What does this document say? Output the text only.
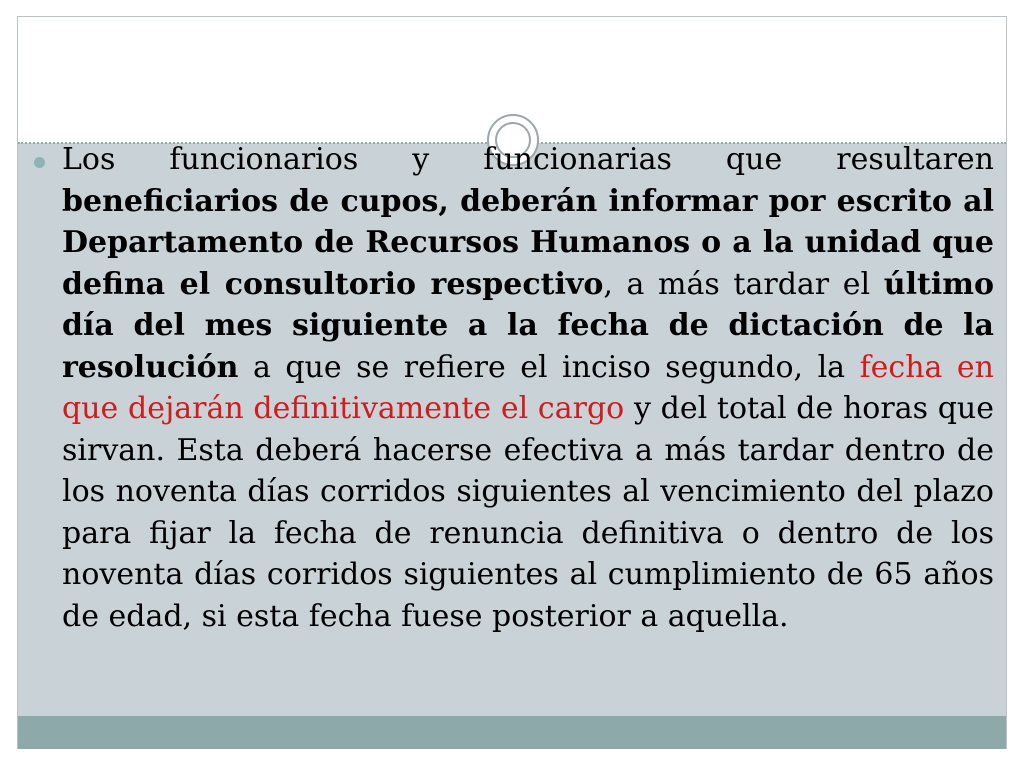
Los funcionarios y funcionarias que resultaren beneficiarios de cupos, deberán informar por escrito al Departamento de Recursos Humanos o a la unidad que defina el consultorio respectivo, a más tardar el último día del mes siguiente a la fecha de dictación de la resolución a que se refiere el inciso segundo, la fecha en que dejarán definitivamente el cargo y del total de horas que sirvan. Esta deberá hacerse efectiva a más tardar dentro de los noventa días corridos siguientes al vencimiento del plazo para fijar la fecha de renuncia definitiva o dentro de los noventa días corridos siguientes al cumplimiento de 65 años de edad, si esta fecha fuese posterior a aquella.
